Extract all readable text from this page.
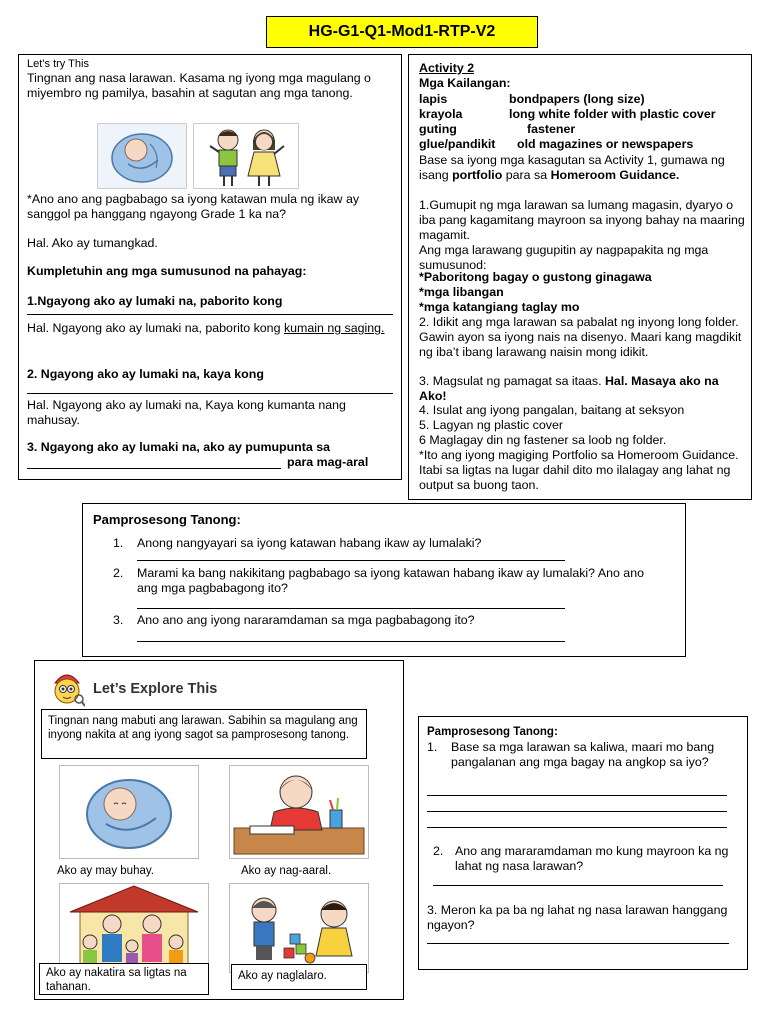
HG-G1-Q1-Mod1-RTP-V2
Let’s try This
Tingnan ang nasa larawan. Kasama ng iyong mga magulang o miyembro ng pamilya, basahin at sagutan ang mga tanong.
*Ano ano ang pagbabago sa iyong katawan mula ng ikaw ay sanggol pa hanggang ngayong Grade 1 ka na?
Hal. Ako ay tumangkad.
Kumpletuhin ang mga sumusunod na pahayag:
1.Ngayong ako ay lumaki na, paborito kong
Hal. Ngayong ako ay lumaki na, paborito kong kumain ng saging.
2. Ngayong ako ay lumaki na, kaya kong
Hal. Ngayong ako ay lumaki na, Kaya kong kumanta nang mahusay.
3. Ngayong ako ay lumaki na, ako ay pumupunta sa
para mag-aral
Activity 2
Mga Kailangan:
lapis	bondpapers (long size)
krayola	long white folder with plastic cover
guting	fastener
glue/pandikit old magazines or newspapers
Base sa iyong mga kasagutan sa Activity 1, gumawa ng isang portfolio para sa Homeroom Guidance.
1.Gumupit ng mga larawan sa lumang magasin, dyaryo o iba pang kagamitang mayroon sa inyong bahay na maaring magamit.
Ang mga larawang gugupitin ay nagpapakita ng mga sumusunod:
*Paboritong bagay o gustong ginagawa
*mga libangan
*mga katangiang taglay mo
2. Idikit ang mga larawan sa pabalat ng inyong long folder. Gawin ayon sa iyong nais na disenyo. Maari kang magdikit ng iba’t ibang larawang naisin mong idikit.
3. Magsulat ng pamagat sa itaas. Hal. Masaya ako na Ako!
4. Isulat ang iyong pangalan, baitang at seksyon
5. Lagyan ng plastic cover
6 Maglagay din ng fastener sa loob ng folder.
*Ito ang iyong magiging Portfolio sa Homeroom Guidance. Itabi sa ligtas na lugar dahil dito mo ilalagay ang lahat ng output sa buong taon.
Pamprosesong Tanong:
1.	Anong nangyayari sa iyong katawan habang ikaw ay lumalaki?
2.	Marami ka bang nakikitang pagbabago sa iyong katawan habang ikaw ay lumalaki? Ano ano ang mga pagbabagong ito?
3.	Ano ano ang iyong nararamdaman sa mga pagbabagong ito?
Let’s Explore This
Tingnan nang mabuti ang larawan. Sabihin sa magulang ang inyong nakita at ang iyong sagot sa pamprosesong tanong.
Ako ay may buhay.	Ako ay nag-aaral.
Ako ay nakatira sa ligtas na tahanan.
Ako ay naglalaro.
Pamprosesong Tanong:
1.	Base sa mga larawan sa kaliwa, maari mo bang pangalanan ang mga bagay na angkop sa iyo?
2. Ano ang mararamdaman mo kung mayroon ka ng lahat ng nasa larawan?
3. Meron ka pa ba ng lahat ng nasa larawan hanggang ngayon?
